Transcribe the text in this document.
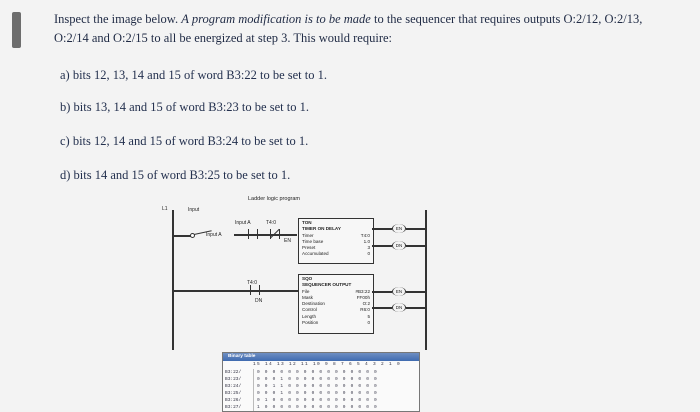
Inspect the image below. A program modification is to be made to the sequencer that requires outputs O:2/12, O:2/13, O:2/14 and O:2/15 to all be energized at step 3. This would require:
a) bits 12, 13, 14 and 15 of word B3:22 to be set to 1.
b) bits 13, 14 and 15 of word B3:23 to be set to 1.
c) bits 12, 14 and 15 of word B3:24 to be set to 1.
d) bits 14 and 15 of word B3:25 to be set to 1.
Ladder logic program
L1	Input
Input A
Input A	T4:0
EN
TON
TIMER ON DELAY
Timer	T4:0
Time base	1.0
Preset	3
Accumulated	0
EN
DN
T4:0
DN
SQO
SEQUENCER OUTPUT
File	#B3:22
Mask	FF00h
Destination	O:2
Control	R6:0
Length	5
Position	0
EN
DN
Binary table
15 14 13 12 11 10 9 8 7 6 5 4 3 2 1 0
B3:22/	0 0 0 0 0 0 0 0 0 0 0 0 0 0 0 0
B3:23/	0 0 0 1 0 0 0 0 0 0 0 0 0 0 0 0
B3:24/	0 0 1 1 0 0 0 0 0 0 0 0 0 0 0 0
B3:25/	0 0 0 1 0 0 0 0 0 0 0 0 0 0 0 0
B3:26/	0 1 0 0 0 0 0 0 0 0 0 0 0 0 0 0
B3:27/	1 0 0 0 0 0 0 0 0 0 0 0 0 0 0 0
